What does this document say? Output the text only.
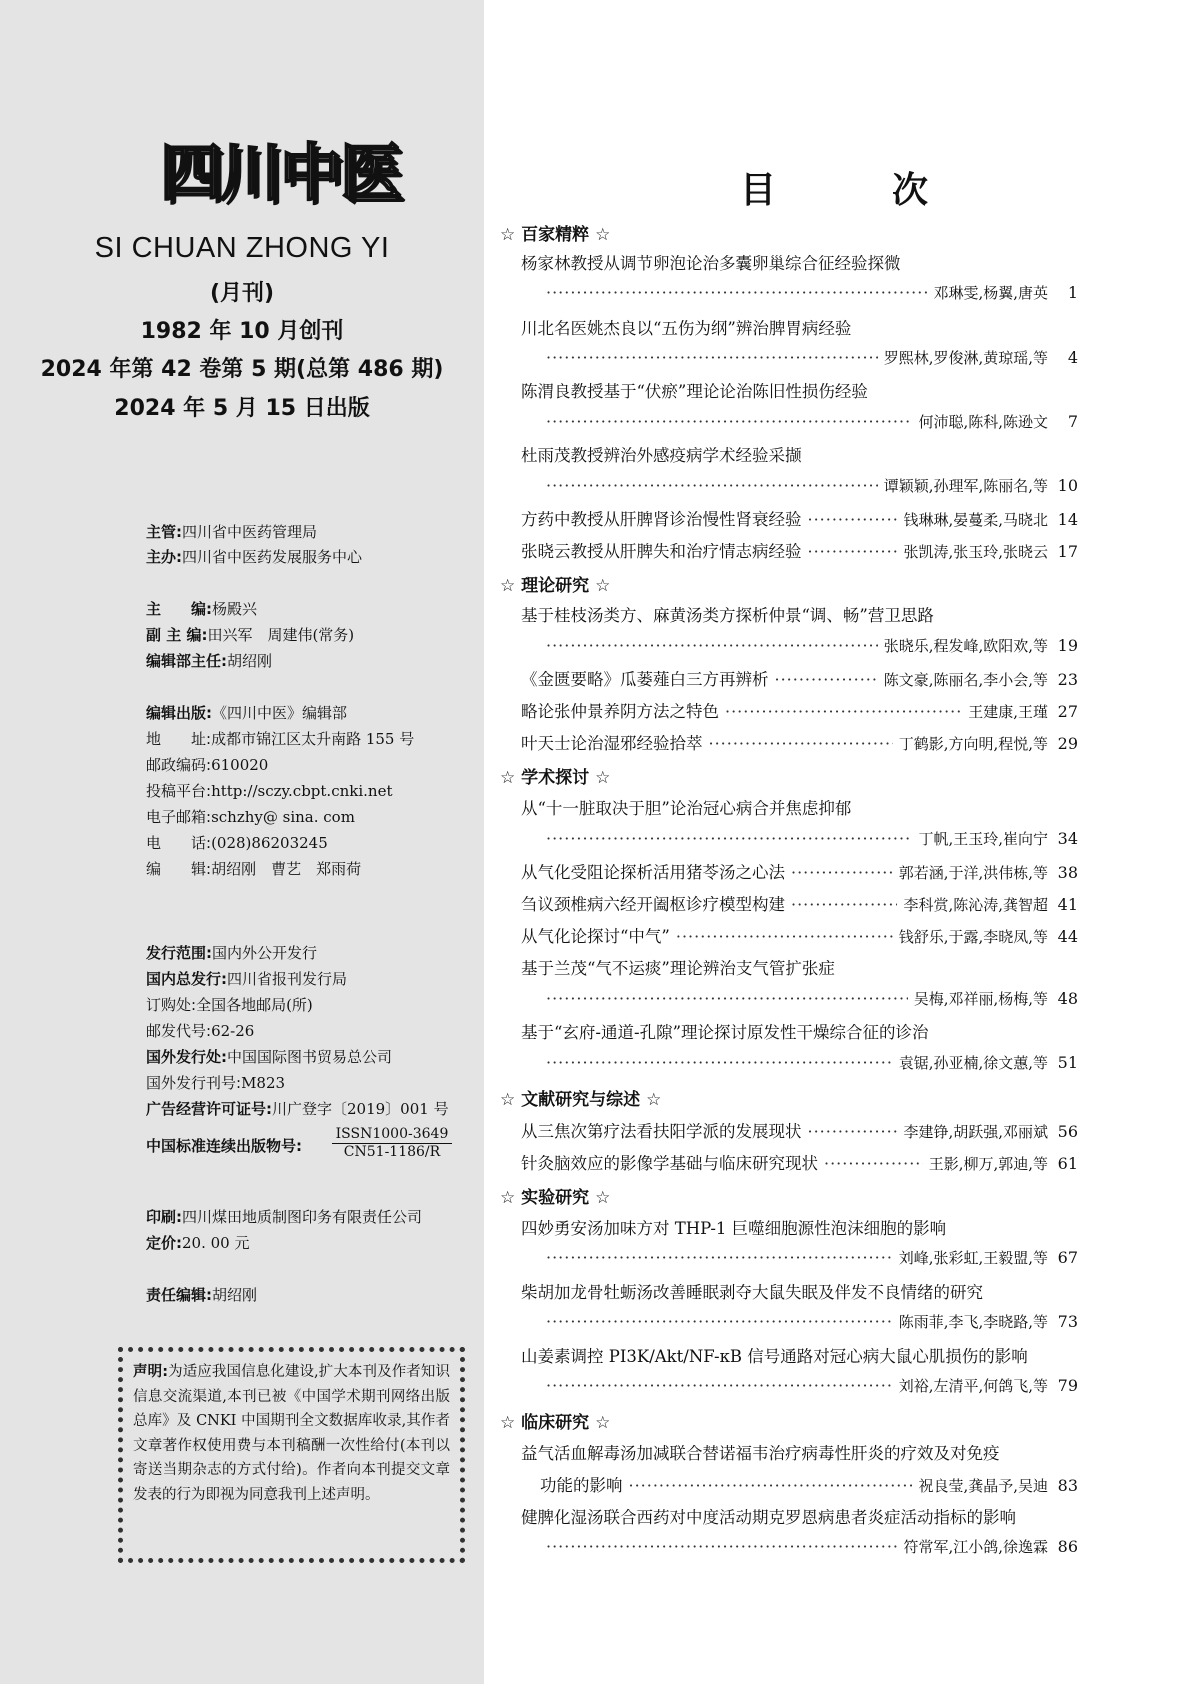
四川中医
SI CHUAN ZHONG YI
(月刊)
1982 年 10 月创刊
2024 年第 42 卷第 5 期(总第 486 期)
2024 年 5 月 15 日出版
主管:四川省中医药管理局
主办:四川省中医药发展服务中心
主　　编:杨殿兴
副 主 编:田兴军　周建伟(常务)
编辑部主任:胡绍刚
编辑出版:《四川中医》编辑部
地　　址:成都市锦江区太升南路 155 号
邮政编码:610020
投稿平台:http://sczy.cbpt.cnki.net
电子邮箱:schzhy@ sina. com
电　　话:(028)86203245
编　　辑:胡绍刚　曹艺　郑雨荷
发行范围:国内外公开发行
国内总发行:四川省报刊发行局
订购处:全国各地邮局(所)
邮发代号:62-26
国外发行处:中国国际图书贸易总公司
国外发行刊号:M823
广告经营许可证号:川广登字〔2019〕001 号
中国标准连续出版物号:
ISSN1000-3649
CN51-1186/R
印刷:四川煤田地质制图印务有限责任公司
定价:20. 00 元
责任编辑:胡绍刚
声明:为适应我国信息化建设,扩大本刊及作者知识信息交流渠道,本刊已被《中国学术期刊网络出版总库》及 CNKI 中国期刊全文数据库收录,其作者文章著作权使用费与本刊稿酬一次性给付(本刊以寄送当期杂志的方式付给)。作者向本刊提交文章发表的行为即视为同意我刊上述声明。
目　次
☆ 百家精粹 ☆
杨家林教授从调节卵泡论治多囊卵巢综合征经验探微
·····
邓琳雯,杨翼,唐英	1
川北名医姚杰良以“五伤为纲”辨治脾胃病经验
·····
罗熙林,罗俊淋,黄琼瑶,等	4
陈渭良教授基于“伏瘀”理论论治陈旧性损伤经验
·····
何沛聪,陈科,陈逊文	7
杜雨茂教授辨治外感疫病学术经验采撷
·····
谭颖颖,孙理军,陈丽名,等 10
方药中教授从肝脾肾诊治慢性肾衰经验 ·····	钱琳琳,晏蔓柔,马晓北 14
张晓云教授从肝脾失和治疗情志病经验 ·····	张凯涛,张玉玲,张晓云 17
☆ 理论研究 ☆
基于桂枝汤类方、麻黄汤类方探析仲景“调、畅”营卫思路
·····
张晓乐,程发峰,欧阳欢,等 19
《金匮要略》瓜蒌薤白三方再辨析 ·····	陈文豪,陈丽名,李小会,等 23
略论张仲景养阴方法之特色 ·····	王建康,王瑾 27
叶天士论治湿邪经验拾萃 ·····	丁鹤影,方向明,程悦,等 29
☆ 学术探讨 ☆
从“十一脏取决于胆”论治冠心病合并焦虑抑郁
·····
丁帆,王玉玲,崔向宁 34
从气化受阻论探析活用猪苓汤之心法 ·····	郭若涵,于洋,洪伟栋,等 38
刍议颈椎病六经开阖枢诊疗模型构建 ·····	李科赏,陈沁涛,龚智超 41
从气化论探讨“中气” ·····	钱舒乐,于露,李晓凤,等 44
基于兰茂“气不运痰”理论辨治支气管扩张症
·····
吴梅,邓祥丽,杨梅,等 48
基于“玄府-通道-孔隙”理论探讨原发性干燥综合征的诊治
·····
袁锯,孙亚楠,徐文蕙,等 51
☆ 文献研究与综述 ☆
从三焦次第疗法看扶阳学派的发展现状 ·····	李建铮,胡跃强,邓丽斌 56
针灸脑效应的影像学基础与临床研究现状 ·····	王影,柳万,郭迪,等 61
☆ 实验研究 ☆
四妙勇安汤加味方对 THP-1 巨噬细胞源性泡沫细胞的影响
·····
刘峰,张彩虹,王毅盟,等 67
柴胡加龙骨牡蛎汤改善睡眠剥夺大鼠失眠及伴发不良情绪的研究
·····
陈雨菲,李飞,李晓路,等 73
山姜素调控 PI3K/Akt/NF-κB 信号通路对冠心病大鼠心肌损伤的影响
·····
刘裕,左清平,何鸽飞,等 79
☆ 临床研究 ☆
益气活血解毒汤加减联合替诺福韦治疗病毒性肝炎的疗效及对免疫
功能的影响 ·····	祝良莹,龚晶予,吴迪 83
健脾化湿汤联合西药对中度活动期克罗恩病患者炎症活动指标的影响
·····
符常军,江小鸽,徐逸霖 86
